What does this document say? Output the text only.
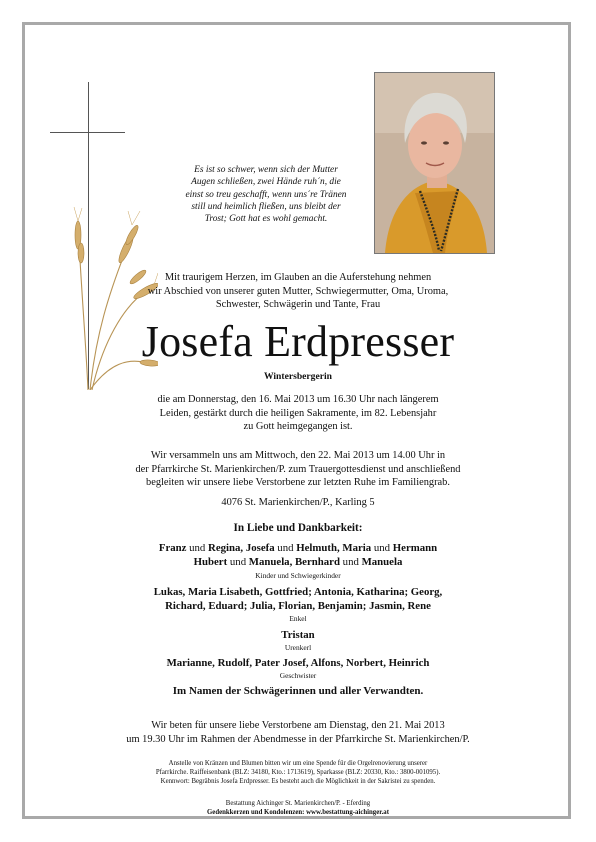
Es ist so schwer, wenn sich der Mutter
Augen schließen, zwei Hände ruh´n, die
einst so treu geschafft, wenn uns´re Tränen
still und heimlich fließen, uns bleibt der
Trost; Gott hat es wohl gemacht.
Mit traurigem Herzen, im Glauben an die Auferstehung nehmen
wir Abschied von unserer guten Mutter, Schwiegermutter, Oma, Uroma,
Schwester, Schwägerin und Tante, Frau
Josefa Erdpresser
Wintersbergerin
die am Donnerstag, den 16. Mai 2013 um 16.30 Uhr nach längerem
Leiden, gestärkt durch die heiligen Sakramente, im 82. Lebensjahr
zu Gott heimgegangen ist.
Wir versammeln uns am Mittwoch, den 22. Mai 2013 um 14.00 Uhr in
der Pfarrkirche St. Marienkirchen/P. zum Trauergottesdienst und anschließend
begleiten wir unsere liebe Verstorbene zur letzten Ruhe im Familiengrab.
4076 St. Marienkirchen/P., Karling 5
In Liebe und Dankbarkeit:
Franz und Regina, Josefa und Helmuth, Maria und Hermann
Hubert und Manuela, Bernhard und Manuela
Kinder und Schwiegerkinder
Lukas, Maria Lisabeth, Gottfried; Antonia, Katharina; Georg,
Richard, Eduard; Julia, Florian, Benjamin; Jasmin, Rene
Enkel
Tristan
Urenkerl
Marianne, Rudolf, Pater Josef, Alfons, Norbert, Heinrich
Geschwister
Im Namen der Schwägerinnen und aller Verwandten.
Wir beten für unsere liebe Verstorbene am Dienstag, den 21. Mai 2013
um 19.30 Uhr im Rahmen der Abendmesse in der Pfarrkirche St. Marienkirchen/P.
Anstelle von Kränzen und Blumen bitten wir um eine Spende für die Orgelrenovierung unserer
Pfarrkirche. Raiffeisenbank (BLZ: 34180, Kto.: 1713619), Sparkasse (BLZ: 20330, Kto.: 3800-001095).
Kennwort: Begräbnis Josefa Erdpresser. Es besteht auch die Möglichkeit in der Sakristei zu spenden.
Bestattung Aichinger St. Marienkirchen/P. - Eferding
Gedenkkerzen und Kondolenzen: www.bestattung-aichinger.at
